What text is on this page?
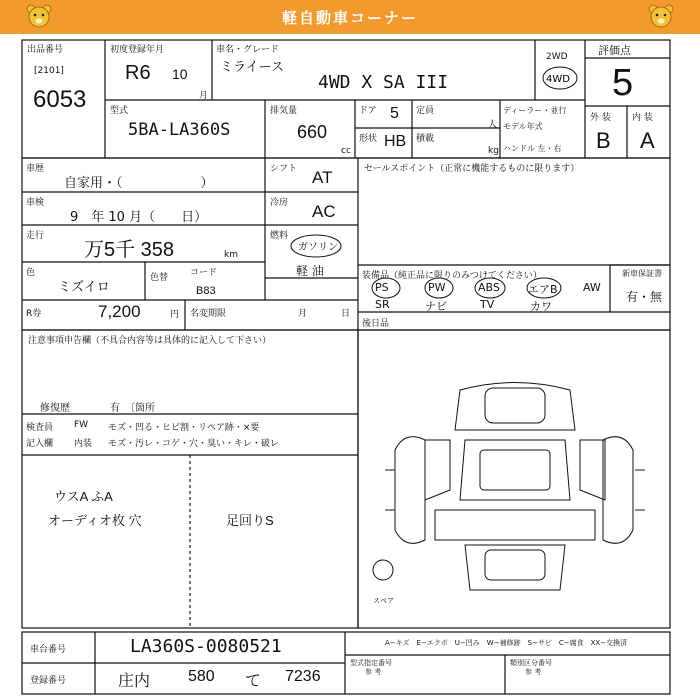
軽自動車コーナー
出品番号
[2101]
6053
初度登録年月
R6 10
月
車名・グレード
ミライース
4WD X SA III
2WD
4WD
評価点
5
型式
5BA-LA360S
排気量
660
cc
ドア 5
形状 HB
定員
人
積載
kg
ディーラー・並行
モデル年式
ハンドル 左・右
外 装 内 装
B A
車歴
自家用・（　　　　　　）
シフト AT	セールスポイント（正常に機能するものに限ります）
車検
9　年 10 月（　　日）
冷房 AC
走行
万5千 358	km
燃料
ガソリン
軽 油
色
ミズイロ
色替 コード
B83
R券	7,200	円 名変期限	月	日
装備品（純正品に限りのみつけてください）	新車保証書
有・無
PS	PW	ABS	エアB AW
SR	ナビ	TV	カワ
後日品
注意事項申告欄（不具合内容等は具体的に記入して下さい）
修復歴	有　〔箇所
検査員
記入欄
FW
内装
モズ・凹る・ヒビ割・リペア跡・×要
モズ・汚レ・コゲ・穴・臭い・キレ・破レ
ウスA ふA
オーディオ枚 穴	足回りS
スペア
車台番号	LA360S-0080521
登録番号	庄内 580 て 7236
A−キズ　E−エクボ　U−凹み　W−補修跡　S−サビ　C−腐食　XX−交換済
型式指定番号
参 考
類別区分番号
参 考
